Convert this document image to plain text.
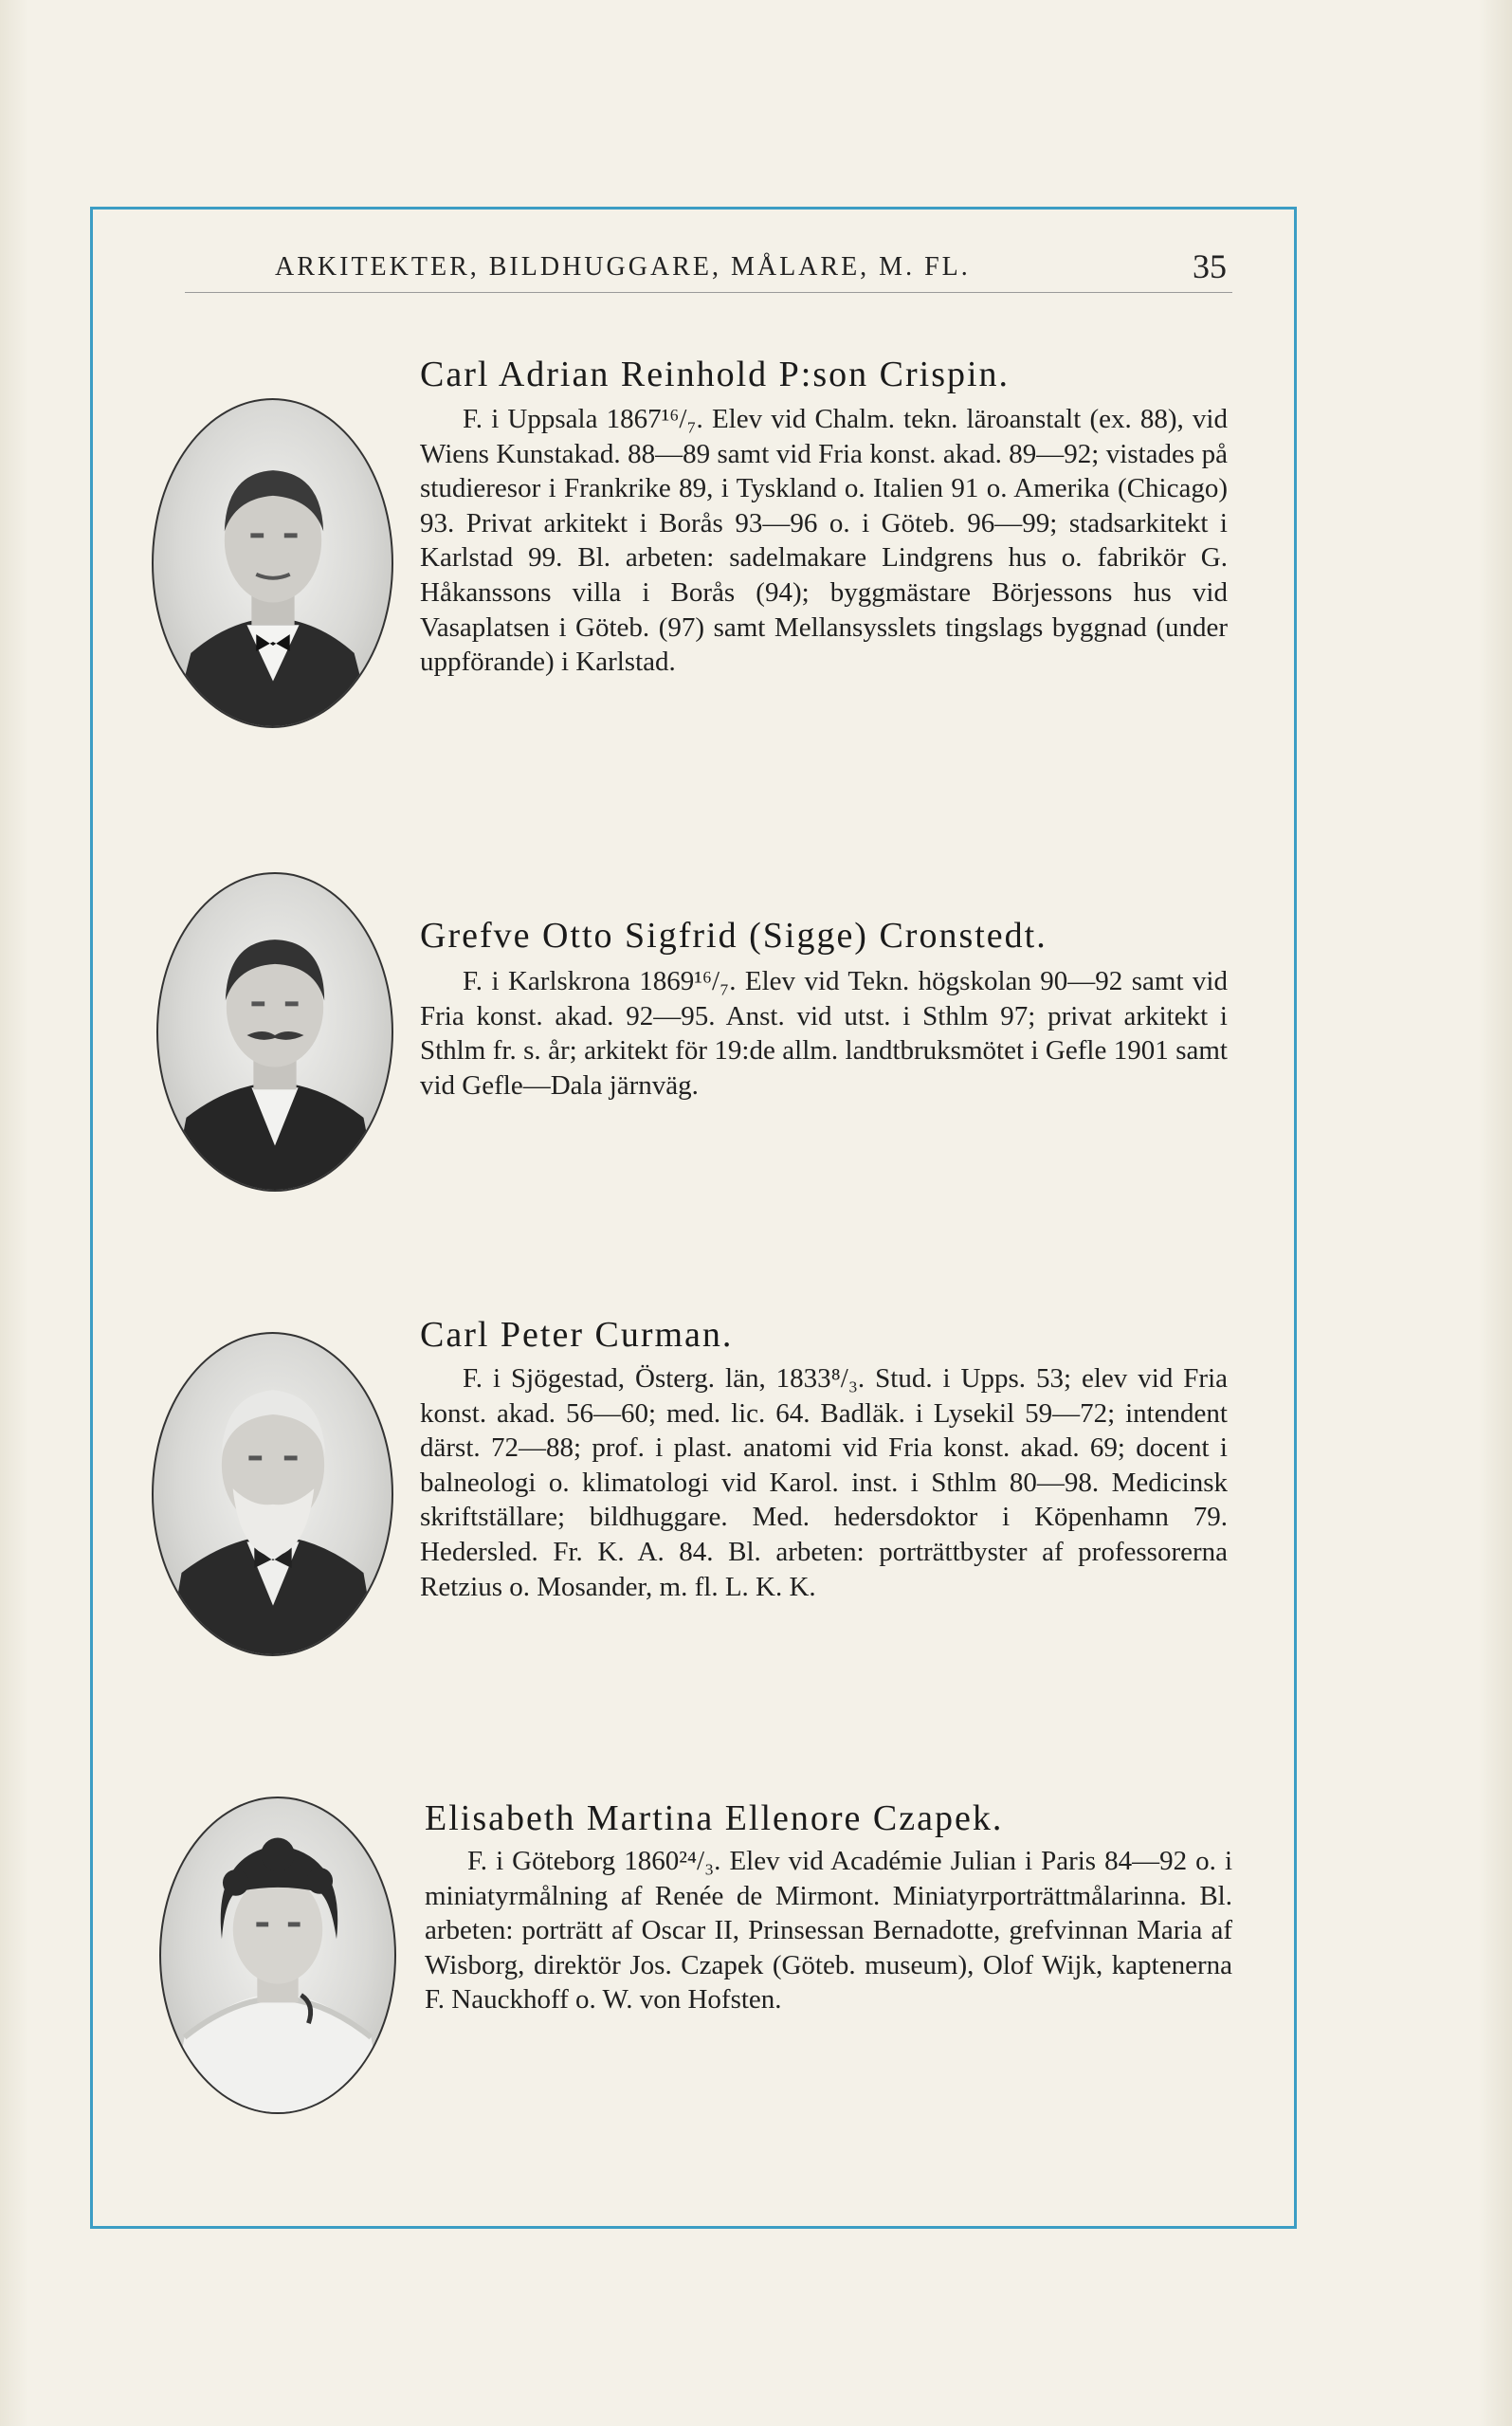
ARKITEKTER, BILDHUGGARE, MÅLARE, M. FL.	35
Carl Adrian Reinhold P:son Crispin.
F. i Uppsala 1867¹⁶/₇. Elev vid Chalm. tekn. läroanstalt (ex. 88), vid Wiens Kunstakad. 88—89 samt vid Fria konst. akad. 89—92; vistades på studieresor i Frankrike 89, i Tyskland o. Italien 91 o. Amerika (Chicago) 93. Privat arkitekt i Borås 93—96 o. i Göteb. 96—99; stadsarkitekt i Karlstad 99. Bl. arbeten: sadelmakare Lindgrens hus o. fabrikör G. Håkanssons villa i Borås (94); byggmästare Börjessons hus vid Vasaplatsen i Göteb. (97) samt Mellansysslets tingslags byggnad (under uppförande) i Karlstad.
Grefve Otto Sigfrid (Sigge) Cronstedt.
F. i Karlskrona 1869¹⁶/₇. Elev vid Tekn. högskolan 90—92 samt vid Fria konst. akad. 92—95. Anst. vid utst. i Sthlm 97; privat arkitekt i Sthlm fr. s. år; arkitekt för 19:de allm. landtbruksmötet i Gefle 1901 samt vid Gefle—Dala järnväg.
Carl Peter Curman.
F. i Sjögestad, Österg. län, 1833⁸/₃. Stud. i Upps. 53; elev vid Fria konst. akad. 56—60; med. lic. 64. Badläk. i Lysekil 59—72; intendent därst. 72—88; prof. i plast. anatomi vid Fria konst. akad. 69; docent i balneologi o. klimatologi vid Karol. inst. i Sthlm 80—98. Medicinsk skriftställare; bildhuggare. Med. hedersdoktor i Köpenhamn 79. Hedersled. Fr. K. A. 84. Bl. arbeten: porträttbyster af professorerna Retzius o. Mosander, m. fl. L. K. K.
Elisabeth Martina Ellenore Czapek.
F. i Göteborg 1860²⁴/₃. Elev vid Académie Julian i Paris 84—92 o. i miniatyrmålning af Renée de Mirmont. Miniatyrporträttmålarinna. Bl. arbeten: porträtt af Oscar II, Prinsessan Bernadotte, grefvinnan Maria af Wisborg, direktör Jos. Czapek (Göteb. museum), Olof Wijk, kaptenerna F. Nauckhoff o. W. von Hofsten.
